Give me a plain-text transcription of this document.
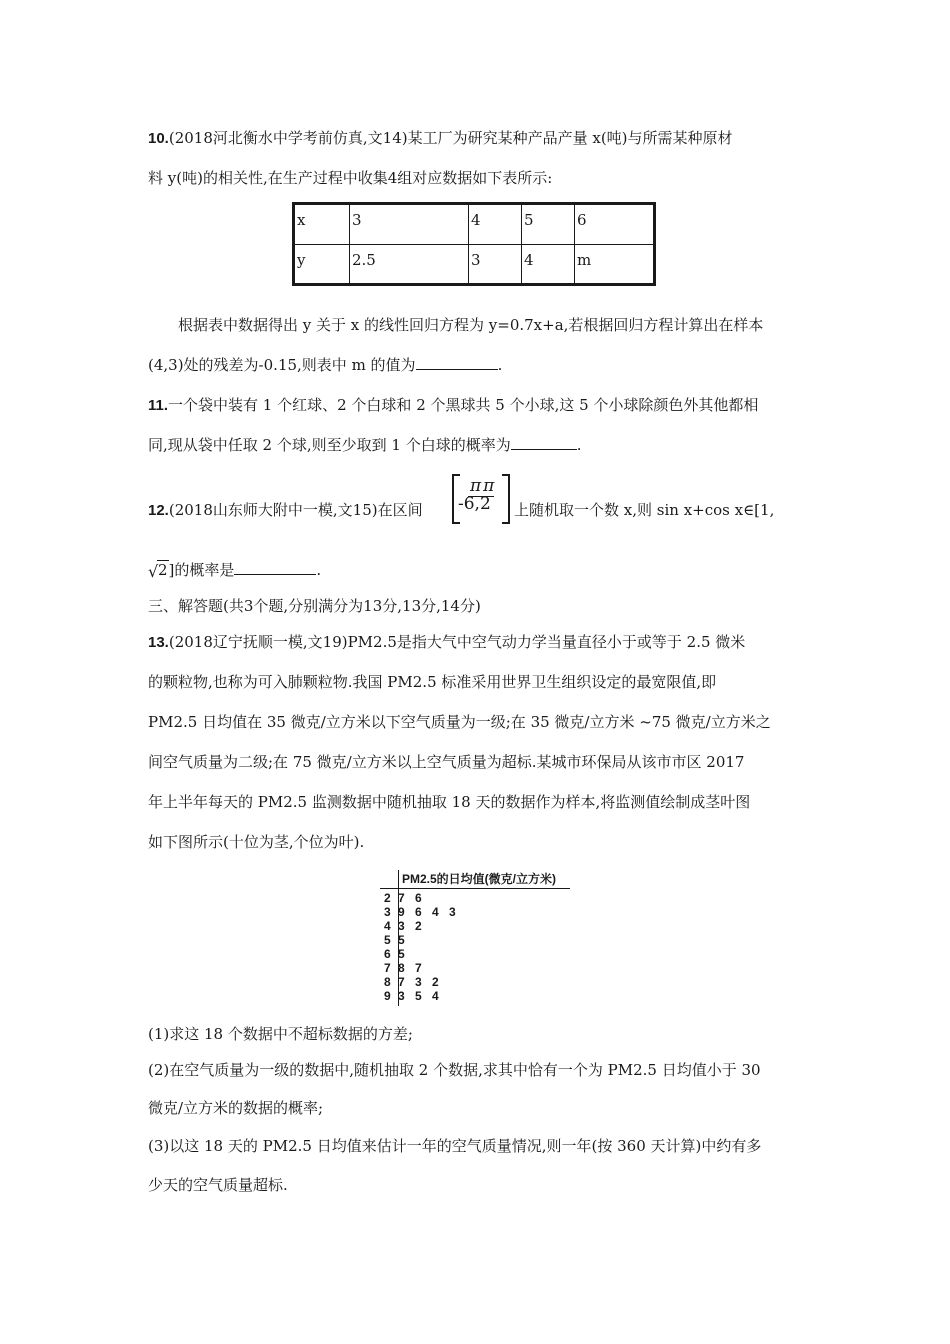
10.(2018河北衡水中学考前仿真,文14)某工厂为研究某种产品产量 x(吨)与所需某种原材
料 y(吨)的相关性,在生产过程中收集4组对应数据如下表所示:
x	3	4	5	6
y	2.5	3	4	m
根据表中数据得出 y 关于 x 的线性回归方程为 y=0.7x+a,若根据回归方程计算出在样本
(4,3)处的残差为-0.15,则表中 m 的值为	.
11.一个袋中装有 1 个红球、2 个白球和 2 个黑球共 5 个小球,这 5 个小球除颜色外其他都相
同,现从袋中任取 2 个球,则至少取到 1 个白球的概率为	.
12.(2018山东师大附中一模,文15)在区间
ππ
-6,2 上随机取一个数 x,则 sin x+cos x∈[1,
√ 2]的概率是	.
三、解答题(共3个题,分别满分为13分,13分,14分)
13.(2018辽宁抚顺一模,文19)PM2.5是指大气中空气动力学当量直径小于或等于 2.5 微米
的颗粒物,也称为可入肺颗粒物.我国 PM2.5 标准采用世界卫生组织设定的最宽限值,即
PM2.5 日均值在 35 微克/立方米以下空气质量为一级;在 35 微克/立方米 ~75 微克/立方米之
间空气质量为二级;在 75 微克/立方米以上空气质量为超标.某城市环保局从该市市区 2017
年上半年每天的 PM2.5 监测数据中随机抽取 18 天的数据作为样本,将监测值绘制成茎叶图
如下图所示(十位为茎,个位为叶).
PM2.5的日均值(微克/立方米)
2 7 6
3 9 6 4 3
4 3 2
5 5
6 5
7 8 7
8 7 3 2
9 3 5 4
(1)求这 18 个数据中不超标数据的方差;
(2)在空气质量为一级的数据中,随机抽取 2 个数据,求其中恰有一个为 PM2.5 日均值小于 30
微克/立方米的数据的概率;
(3)以这 18 天的 PM2.5 日均值来估计一年的空气质量情况,则一年(按 360 天计算)中约有多
少天的空气质量超标.
